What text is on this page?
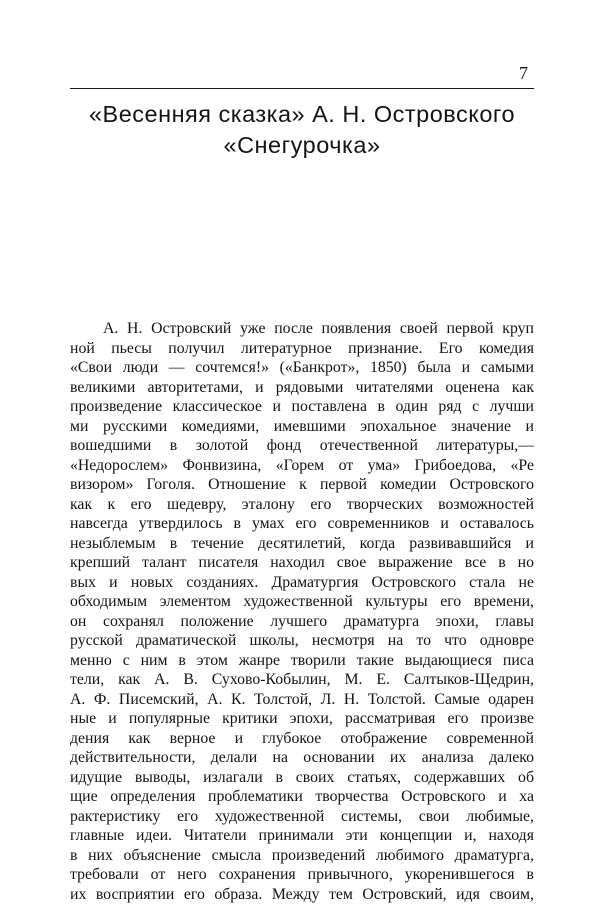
7
«Весенняя сказка» А. Н. Островского
«Снегурочка»
А. Н. Островский уже после появления своей первой круп
ной пьесы получил литературное признание. Его комедия
«Свои люди — сочтемся!» («Банкрот», 1850) была и самыми
великими авторитетами, и рядовыми читателями оценена как
произведение классическое и поставлена в один ряд с лучши
ми русскими комедиями, имевшими эпохальное значение и
вошедшими в золотой фонд отечественной литературы,—
«Недорослем» Фонвизина, «Горем от ума» Грибоедова, «Ре
визором» Гоголя. Отношение к первой комедии Островского
как к его шедевру, эталону его творческих возможностей
навсегда утвердилось в умах его современников и оставалось
незыблемым в течение десятилетий, когда развивавшийся и
крепший талант писателя находил свое выражение все в но
вых и новых созданиях. Драматургия Островского стала не
обходимым элементом художественной культуры его времени,
он сохранял положение лучшего драматурга эпохи, главы
русской драматической школы, несмотря на то что одновре
менно с ним в этом жанре творили такие выдающиеся писа
тели, как А. В. Сухово-Кобылин, М. Е. Салтыков-Щедрин,
А. Ф. Писемский, А. К. Толстой, Л. Н. Толстой. Самые одарен
ные и популярные критики эпохи, рассматривая его произве
дения как верное и глубокое отображение современной
действительности, делали на основании их анализа далеко
идущие выводы, излагали в своих статьях, содержавших об
щие определения проблематики творчества Островского и ха
рактеристику его художественной системы, свои любимые,
главные идеи. Читатели принимали эти концепции и, находя
в них объяснение смысла произведений любимого драматурга,
требовали от него сохранения привычного, укоренившегося в
их восприятии его образа. Между тем Островский, идя своим,
